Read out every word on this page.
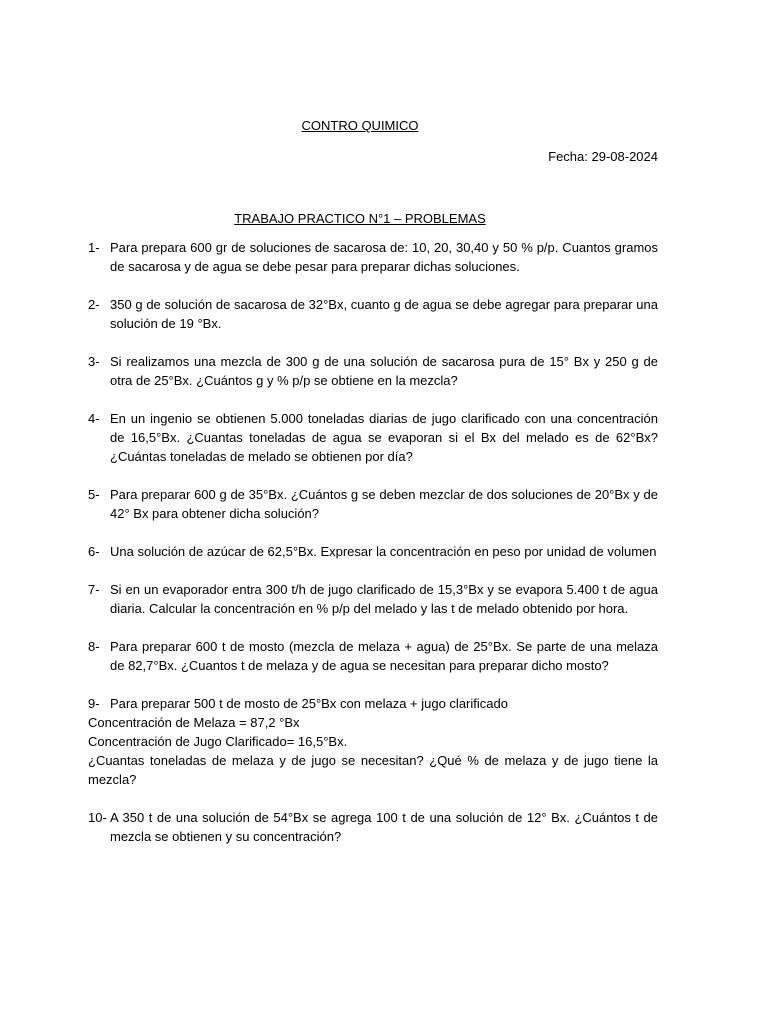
CONTRO QUIMICO
Fecha: 29-08-2024
TRABAJO PRACTICO N°1 – PROBLEMAS
1- Para prepara 600 gr de soluciones de sacarosa de: 10, 20, 30,40 y 50 % p/p. Cuantos gramos de sacarosa y de agua se debe pesar para preparar dichas soluciones.

2- 350 g de solución de sacarosa de 32°Bx, cuanto g de agua se debe agregar para preparar una solución de 19 °Bx.

3- Si realizamos una mezcla de 300 g de una solución de sacarosa pura de 15° Bx y 250 g de otra de 25°Bx. ¿Cuántos g y % p/p se obtiene en la mezcla?

4- En un ingenio se obtienen 5.000 toneladas diarias de jugo clarificado con una concentración de 16,5°Bx. ¿Cuantas toneladas de agua se evaporan si el Bx del melado es de 62°Bx? ¿Cuántas toneladas de melado se obtienen por día?

5- Para preparar 600 g de 35°Bx. ¿Cuántos g se deben mezclar de dos soluciones de 20°Bx y de 42° Bx para obtener dicha solución?

6- Una solución de azúcar de 62,5°Bx. Expresar la concentración en peso por unidad de volumen

7- Si en un evaporador entra 300 t/h de jugo clarificado de 15,3°Bx y se evapora 5.400 t de agua diaria. Calcular la concentración en % p/p del melado y las t de melado obtenido por hora.

8- Para preparar 600 t de mosto (mezcla de melaza + agua) de 25°Bx. Se parte de una melaza de 82,7°Bx. ¿Cuantos t de melaza y de agua se necesitan para preparar dicho mosto?

9- Para preparar 500 t de mosto de 25°Bx con melaza + jugo clarificado

Concentración de Melaza = 87,2 °Bx

Concentración de Jugo Clarificado= 16,5°Bx.

¿Cuantas toneladas de melaza y de jugo se necesitan? ¿Qué % de melaza y de jugo tiene la mezcla?

10- A 350 t de una solución de 54°Bx se agrega 100 t de una solución de 12° Bx. ¿Cuántos t de mezcla se obtienen y su concentración?
